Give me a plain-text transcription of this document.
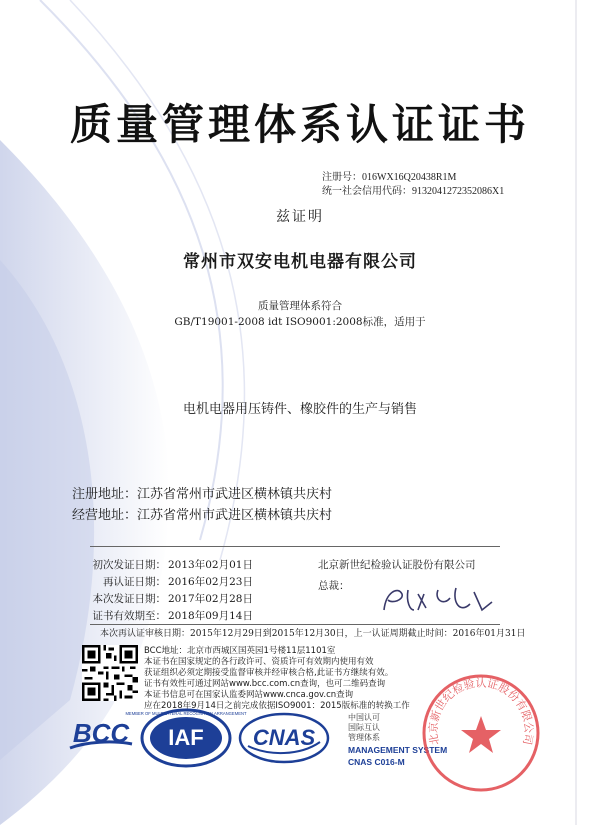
质量管理体系认证证书
注册号：016WX16Q20438R1M
统一社会信用代码：9132041272352086X1
兹证明
常州市双安电机电器有限公司
质量管理体系符合
GB/T19001-2008 idt ISO9001:2008标准，适用于
电机电器用压铸件、橡胶件的生产与销售
注册地址：江苏省常州市武进区横林镇共庆村
经营地址：江苏省常州市武进区横林镇共庆村
初次发证日期： 2013年02月01日
再认证日期： 2016年02月23日
本次发证日期： 2017年02月28日
证书有效期至： 2018年09月14日
北京新世纪检验认证股份有限公司
总裁：
本次再认证审核日期：2015年12月29日到2015年12月30日，上一认证周期截止时间：2016年01月31日
BCC地址：北京市西城区国英园1号楼11层1101室
本证书在国家规定的各行政许可、资质许可有效期内使用有效
获证组织必须定期接受监督审核并经审核合格,此证书方继续有效。
证书有效性可通过网站www.bcc.com.cn查询，也可二维码查询
本证书信息可在国家认监委网站www.cnca.gov.cn查询
应在2018年9月14日之前完成依据ISO9001：2015版标准的转换工作
BCC IAF
MEMBER OF MULTILATERAL RECOGNITION ARRANGEMENT
CNAS
中国认可
国际互认
管理体系
MANAGEMENT SYSTEM
CNAS C016-M
北京新世纪检验认证股份有限公司
